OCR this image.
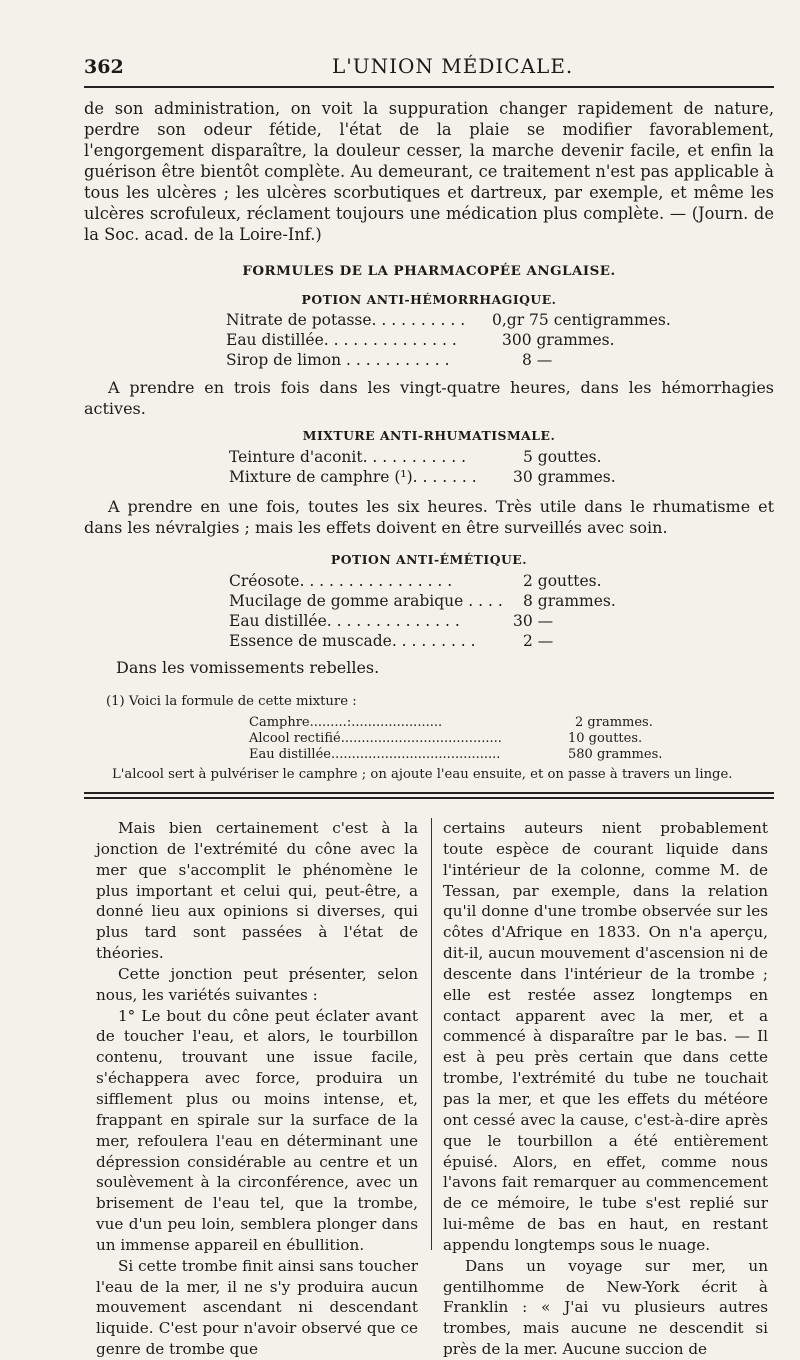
362	L'UNION MÉDICALE.

de son administration, on voit la suppuration changer rapidement de nature, perdre son odeur fétide, l'état de la plaie se modifier favorablement, l'engorgement disparaître, la douleur cesser, la marche devenir facile, et enfin la guérison être bientôt complète. Au demeurant, ce traitement n'est pas applicable à tous les ulcères ; les ulcères scorbutiques et dartreux, par exemple, et même les ulcères scrofuleux, réclament toujours une médication plus complète. — (Journ. de la Soc. acad. de la Loire-Inf.)

FORMULES DE LA PHARMACOPÉE ANGLAISE.

POTION ANTI-HÉMORRHAGIQUE.

Nitrate de potasse. . . . . . . . . . 0,gr 75 centigrammes.
Eau distillée. . . . . . . . . . . . . .	300 grammes.
Sirop de limon . . . . . . . . . . .	8 —

A prendre en trois fois dans les vingt-quatre heures, dans les hémorrhagies actives.

MIXTURE ANTI-RHUMATISMALE.

Teinture d'aconit. . . . . . . . . . .	5 gouttes.
Mixture de camphre (¹). . . . . . . 30 grammes.

A prendre en une fois, toutes les six heures. Très utile dans le rhumatisme et dans les névralgies ; mais les effets doivent en être surveillés avec soin.

POTION ANTI-ÉMÉTIQUE.

Créosote. . . . . . . . . . . . . . . .	2 gouttes.
Mucilage de gomme arabique . . . . 8 grammes.
Eau distillée. . . . . . . . . . . . . .	30 —
Essence de muscade. . . . . . . . .	2 —

Dans les vomissements rebelles.

(1) Voici la formule de cette mixture :

Camphre.........:......................	2 grammes.
Alcool rectifié.......................................	10 gouttes.
Eau distillée.........................................	580 grammes.

L'alcool sert à pulvériser le camphre ; on ajoute l'eau ensuite, et on passe à travers un linge.

Mais bien certainement c'est à la jonction de l'extrémité du cône avec la mer que s'accomplit le phénomène le plus important et celui qui, peut-être, a donné lieu aux opinions si diverses, qui plus tard sont passées à l'état de théories.

Cette jonction peut présenter, selon nous, les variétés suivantes :

1° Le bout du cône peut éclater avant de toucher l'eau, et alors, le tourbillon contenu, trouvant une issue facile, s'échappera avec force, produira un sifflement plus ou moins intense, et, frappant en spirale sur la surface de la mer, refoulera l'eau en déterminant une dépression considérable au centre et un soulèvement à la circonférence, avec un brisement de l'eau tel, que la trombe, vue d'un peu loin, semblera plonger dans un immense appareil en ébullition.

Si cette trombe finit ainsi sans toucher l'eau de la mer, il ne s'y produira aucun mouvement ascendant ni descendant liquide. C'est pour n'avoir observé que ce genre de trombe que

certains auteurs nient probablement toute espèce de courant liquide dans l'intérieur de la colonne, comme M. de Tessan, par exemple, dans la relation qu'il donne d'une trombe observée sur les côtes d'Afrique en 1833. On n'a aperçu, dit-il, aucun mouvement d'ascension ni de descente dans l'intérieur de la trombe ; elle est restée assez longtemps en contact apparent avec la mer, et a commencé à disparaître par le bas. — Il est à peu près certain que dans cette trombe, l'extrémité du tube ne touchait pas la mer, et que les effets du météore ont cessé avec la cause, c'est-à-dire après que le tourbillon a été entièrement épuisé. Alors, en effet, comme nous l'avons fait remarquer au commencement de ce mémoire, le tube s'est replié sur lui-même de bas en haut, en restant appendu longtemps sous le nuage.

Dans un voyage sur mer, un gentilhomme de New-York écrit à Franklin : « J'ai vu plusieurs autres trombes, mais aucune ne descendit si près de la mer. Aucune succion de
